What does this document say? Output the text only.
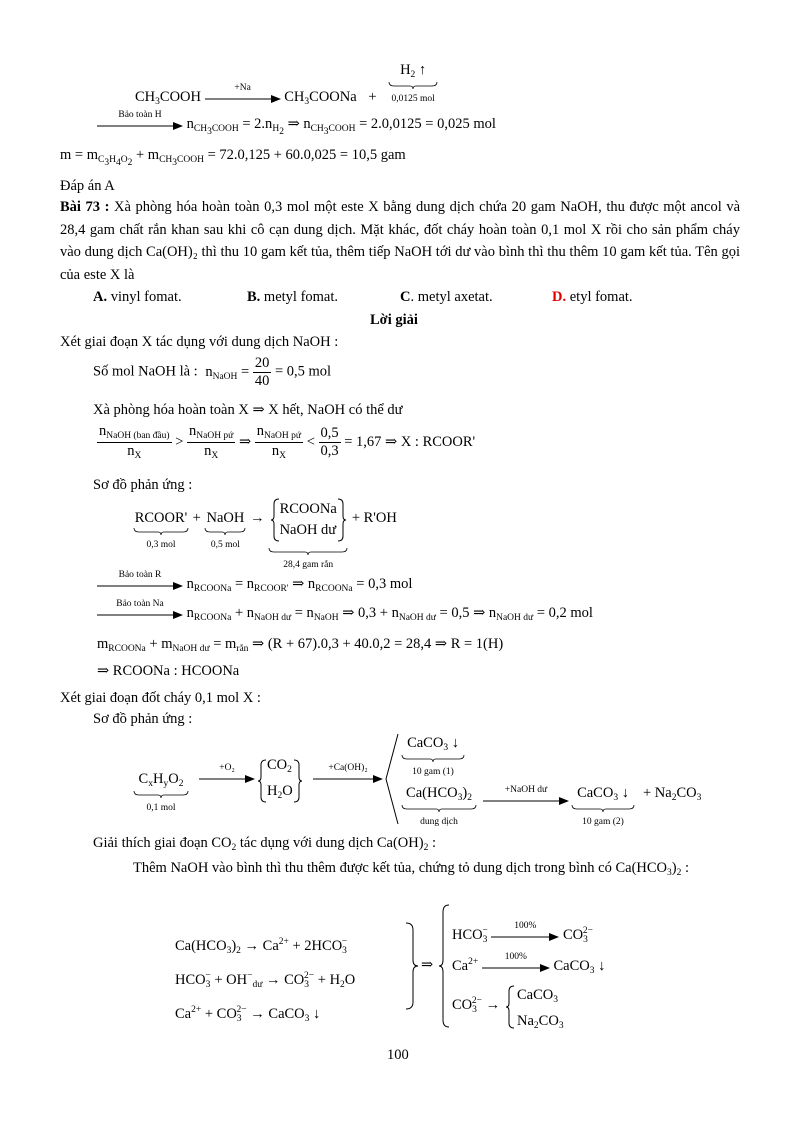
$CH_3COOH$
+Na
$CH_3COONa + H_2$ ↑
0,0125 mol
Bảo toàn H
$n_{CH_3COOH} = 2.n_{H_2}$ ⇒ $n_{CH_3COOH} = 2.0,0125 = 0,025$ mol
$m = m_{C_3H_4O_2} + m_{CH_3COOH} = 72.0,125 + 60.0,025 = 10,5$ gam
Đáp án A
Bài 73 : Xà phòng hóa hoàn toàn 0,3 mol một este X bằng dung dịch chứa 20 gam NaOH, thu được một ancol và 28,4 gam chất rắn khan sau khi cô cạn dung dịch. Mặt khác, đốt cháy hoàn toàn 0,1 mol X rồi cho sản phẩm cháy vào dung dịch Ca(OH)₂ thì thu 10 gam kết tủa, thêm tiếp NaOH tới dư vào bình thì thu thêm 10 gam kết tủa. Tên gọi của este X là
A. vinyl fomat.	B. metyl fomat.	C. metyl axetat.	D. etyl fomat.
Lời giải
Xét giai đoạn X tác dụng với dung dịch NaOH :
Số mol NaOH là : $n_{NaOH} = \frac{20}{40} = 0,5$ mol
Xà phòng hóa hoàn toàn X ⇒ X hết, NaOH có thể dư
$\frac{n_{NaOH (ban đầu)}}{n_X} > \frac{n_{NaOH pứ}}{n_X}$ ⇒ $\frac{n_{NaOH pứ}}{n_X} < \frac{0,5}{0,3} = 1,67$ ⇒ X : RCOOR'
Sơ đồ phản ứng :
RCOOR'
0,3 mol + NaOH
0,5 mol →
RCOONa
NaOH dư
28,4 gam rắn + R'OH
Bảo toàn R
$n_{RCOONa} = n_{RCOOR'}$ ⇒ $n_{RCOONa} = 0,3$ mol
Bảo toàn Na
$n_{RCOONa} + n_{NaOH dư} = n_{NaOH}$ ⇒ $0,3 + n_{NaOH dư} = 0,5$ ⇒ $n_{NaOH dư} = 0,2$ mol
$m_{RCOONa} + m_{NaOH dư} = m_{rắn}$ ⇒ (R + 67).0,3 + 40.0,2 = 28,4 ⇒ R = 1(H)
⇒ RCOONa : HCOONa
Xét giai đoạn đốt cháy 0,1 mol X :
Sơ đồ phản ứng :
$C_xH_yO_2$
0,1 mol
+O₂	$CO_2$
$H_2O$
+Ca(OH)₂
CaCO$_3$ ↓
10 gam (1)
$Ca(HCO_3)_2$
dung dịch
+NaOH dư	CaCO$_3$ ↓
10 gam (2)
+ $Na_2CO_3$
Giải thích giai đoạn $CO_2$ tác dụng với dung dịch $Ca(OH)_2$ :
Thêm NaOH vào bình thì thu thêm được kết tủa, chứng tỏ dung dịch trong bình có $Ca(HCO_3)_2$ :
$Ca(HCO_3)_2 \to Ca^{2+} + 2HCO_3^-$
$HCO_3^- + OH^-_{dư} \to CO_3^{2-} + H_2O$
$Ca^{2+} + CO_3^{2-}$ → CaCO$_3$ ↓
⇒
$HCO_3^-$
100%
$CO_3^{2-}$
$Ca^{2+}$
100%
CaCO$_3$ ↓
$CO_3^{2-}$ →
CaCO$_3$
$Na_2CO_3$
100
